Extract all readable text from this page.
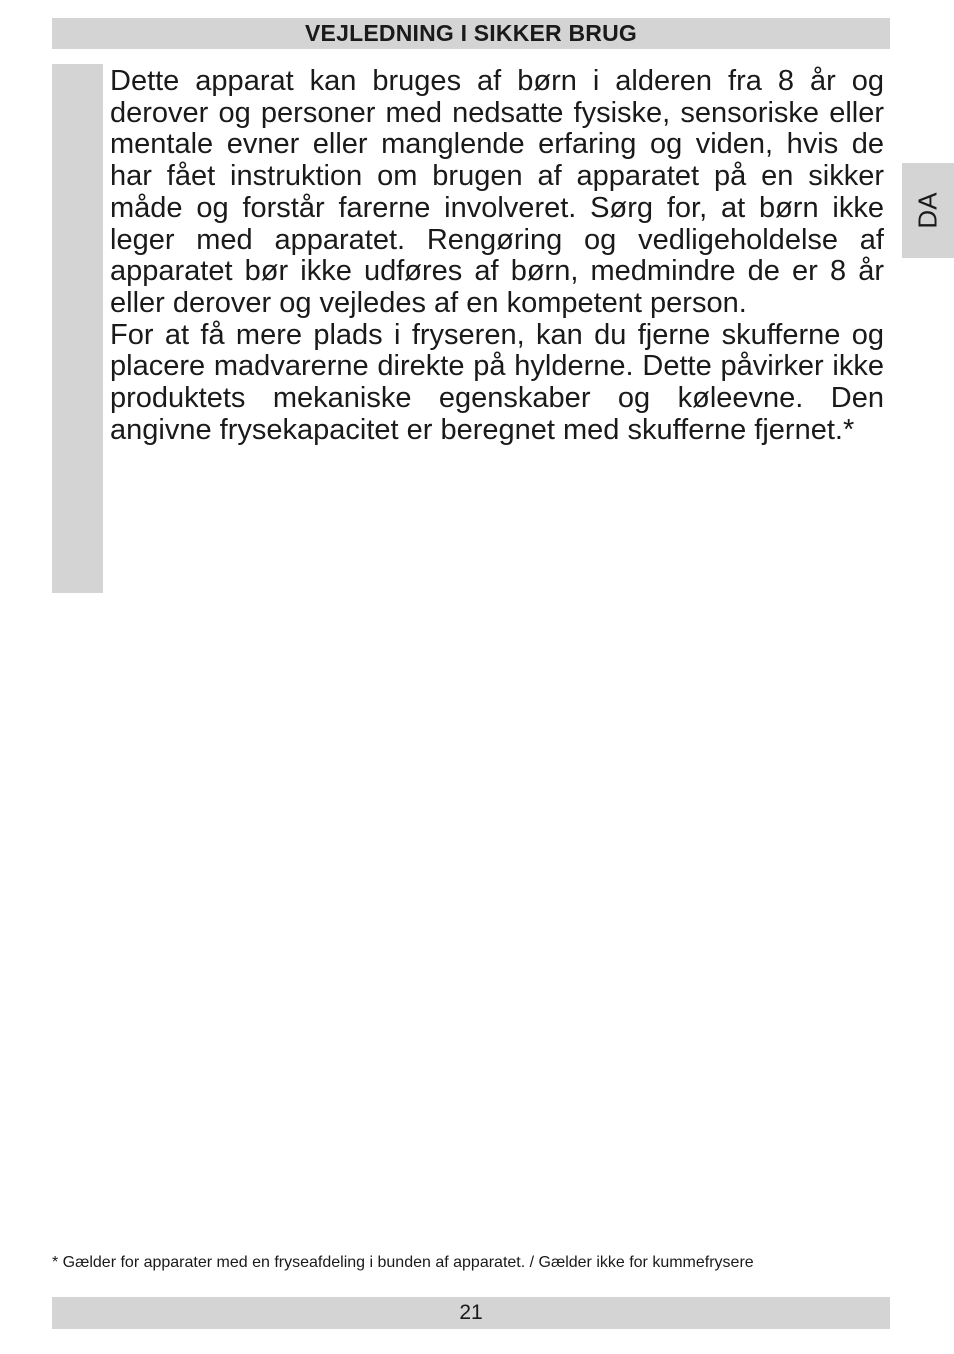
VEJLEDNING I SIKKER BRUG
DA

Dette apparat kan bruges af børn i alderen fra 8 år og derover og personer med nedsatte fysiske, sensoriske eller mentale evner eller manglende erfaring og viden, hvis de har fået instruktion om brugen af apparatet på en sikker måde og forstår farerne involveret. Sørg for, at børn ikke leger med apparatet. Rengøring og vedligeholdelse af apparatet bør ikke udføres af børn, medmindre de er 8 år eller derover og vejledes af en kompetent person.

For at få mere plads i fryseren, kan du fjerne skufferne og placere madvarerne direkte på hylderne. Dette påvirker ikke produktets mekaniske egenskaber og køleevne. Den angivne frysekapacitet er beregnet med skufferne fjernet.*

* Gælder for apparater med en fryseafdeling i bunden af apparatet. / Gælder ikke for kummefrysere
21
